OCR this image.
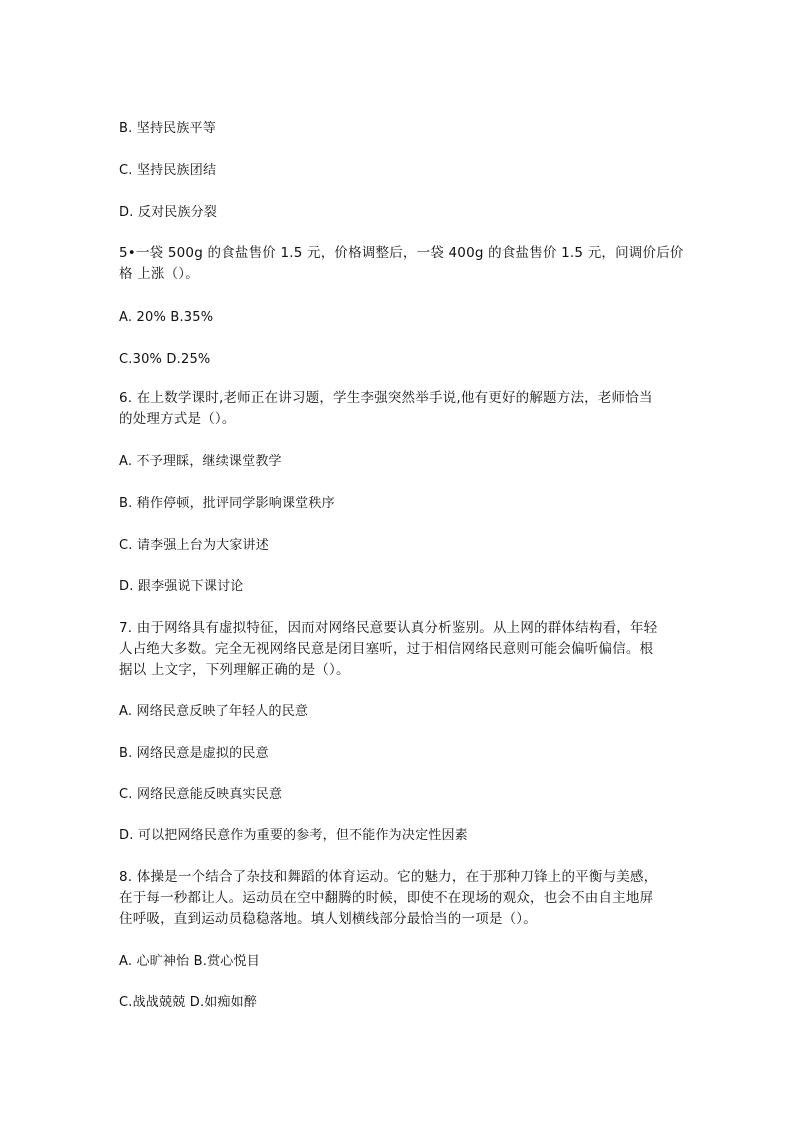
B. 坚持民族平等
C. 坚持民族团结
D. 反对民族分裂
5•一袋 500g 的食盐售价 1.5 元，价格调整后，一袋 400g 的食盐售价 1.5 元，问调价后价
格 上涨（）。
A. 20% B.35%
C.30% D.25%
6. 在上数学课时,老师正在讲习题，学生李强突然举手说,他有更好的解题方法，老师恰当
的处理方式是（）。
A. 不予理睬，继续课堂教学
B. 稍作停顿，批评同学影响课堂秩序
C. 请李强上台为大家讲述
D. 跟李强说下课讨论
7. 由于网络具有虚拟特征，因而对网络民意要认真分析鉴别。从上网的群体结构看，年轻
人占绝大多数。完全无视网络民意是闭目塞听，过于相信网络民意则可能会偏听偏信。根
据以 上文字，下列理解正确的是（）。
A. 网络民意反映了年轻人的民意
B. 网络民意是虚拟的民意
C. 网络民意能反映真实民意
D. 可以把网络民意作为重要的参考，但不能作为决定性因素
8. 体操是一个结合了杂技和舞蹈的体育运动。它的魅力，在于那种刀锋上的平衡与美感，
在于每一秒都让人。运动员在空中翻腾的时候，即使不在现场的观众，也会不由自主地屏
住呼吸，直到运动员稳稳落地。填人划横线部分最恰当的一项是（）。
A. 心旷神怡 B.赏心悦目
C.战战兢兢 D.如痴如醉
